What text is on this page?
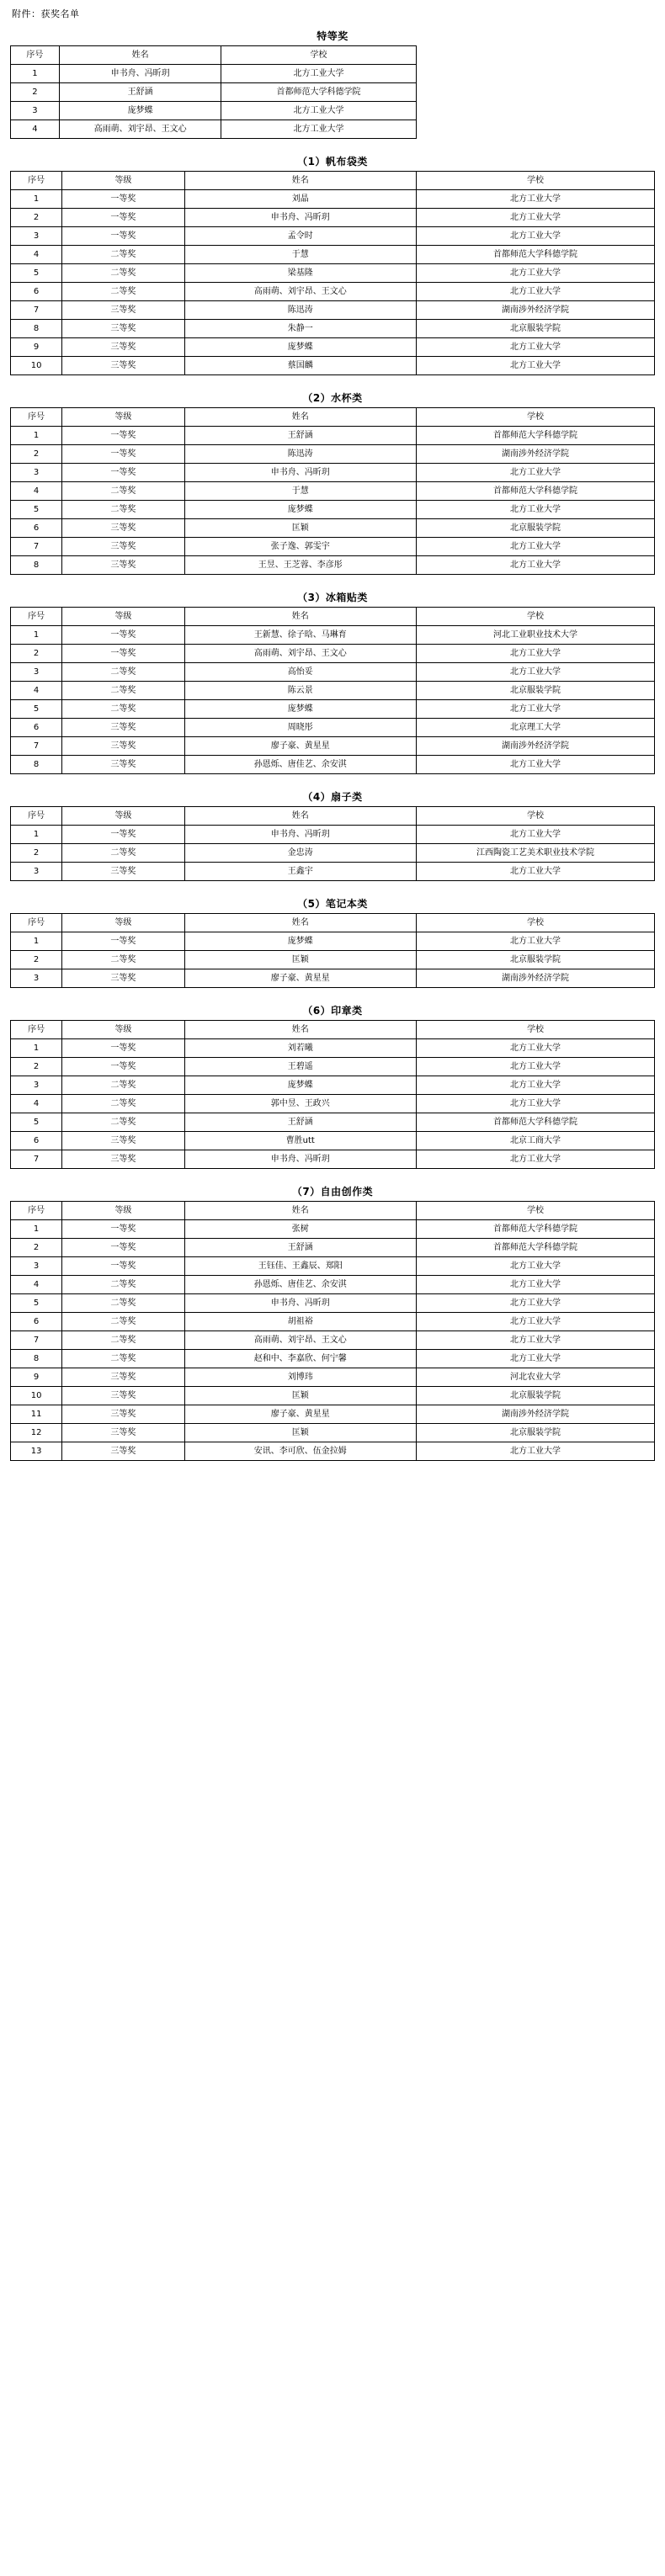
附件：获奖名单
特等奖
序号	姓名	学校
1	申书舟、冯昕玥	北方工业大学
2	王舒涵	首都师范大学科德学院
3	庞梦蝶	北方工业大学
4	高雨萌、刘宇昂、王文心	北方工业大学
（1）帆布袋类
序号	等级	姓名	学校
1	一等奖	刘晶	北方工业大学
2	一等奖	申书舟、冯昕玥	北方工业大学
3	一等奖	孟令时	北方工业大学
4	二等奖	于慧	首都师范大学科德学院
5	二等奖	梁基隆	北方工业大学
6	二等奖	高雨萌、刘宇昂、王文心	北方工业大学
7	三等奖	陈迅涛	湖南涉外经济学院
8	三等奖	朱静一	北京服装学院
9	三等奖	庞梦蝶	北方工业大学
10	三等奖	蔡国麟	北方工业大学
（2）水杯类
序号	等级	姓名	学校
1	一等奖	王舒涵	首都师范大学科德学院
2	一等奖	陈迅涛	湖南涉外经济学院
3	一等奖	申书舟、冯昕玥	北方工业大学
4	二等奖	于慧	首都师范大学科德学院
5	二等奖	庞梦蝶	北方工业大学
6	三等奖	匡颖	北京服装学院
7	三等奖	张子逸、郭雯宇	北方工业大学
8	三等奖	王昱、王芝蓉、李彦彤	北方工业大学
（3）冰箱贴类
序号	等级	姓名	学校
1	一等奖	王新慧、徐子晗、马琳育	河北工业职业技术大学
2	一等奖	高雨萌、刘宇昂、王文心	北方工业大学
3	二等奖	高怡妥	北方工业大学
4	二等奖	陈云景	北京服装学院
5	二等奖	庞梦蝶	北方工业大学
6	三等奖	周晓彤	北京理工大学
7	三等奖	廖子豪、黄星星	湖南涉外经济学院
8	三等奖	孙恩烁、唐佳艺、余安淇	北方工业大学
（4）扇子类
序号	等级	姓名	学校
1	一等奖	申书舟、冯昕玥	北方工业大学
2	二等奖	金忠涛	江西陶瓷工艺美术职业技术学院
3	三等奖	王鑫宇	北方工业大学
（5）笔记本类
序号	等级	姓名	学校
1	一等奖	庞梦蝶	北方工业大学
2	二等奖	匡颖	北京服装学院
3	三等奖	廖子豪、黄星星	湖南涉外经济学院
（6）印章类
序号	等级	姓名	学校
1	一等奖	刘若曦	北方工业大学
2	一等奖	王碧遥	北方工业大学
3	二等奖	庞梦蝶	北方工业大学
4	二等奖	郭中昱、王政兴	北方工业大学
5	二等奖	王舒涵	首都师范大学科德学院
6	三等奖	曹胜utt	北京工商大学
7	三等奖	申书舟、冯昕玥	北方工业大学
（7）自由创作类
序号	等级	姓名	学校
1	一等奖	张树	首都师范大学科德学院
2	一等奖	王舒涵	首都师范大学科德学院
3	一等奖	王钰佳、王鑫辰、郑阳	北方工业大学
4	二等奖	孙恩烁、唐佳艺、余安淇	北方工业大学
5	二等奖	申书舟、冯昕玥	北方工业大学
6	二等奖	胡祖裕	北方工业大学
7	二等奖	高雨萌、刘宇昂、王文心	北方工业大学
8	二等奖	赵和中、李嘉欣、何宁馨	北方工业大学
9	三等奖	刘博玮	河北农业大学
10	三等奖	匡颖	北京服装学院
11	三等奖	廖子豪、黄星星	湖南涉外经济学院
12	三等奖	匡颖	北京服装学院
13	三等奖	安讯、李可欣、伍金拉姆	北方工业大学
